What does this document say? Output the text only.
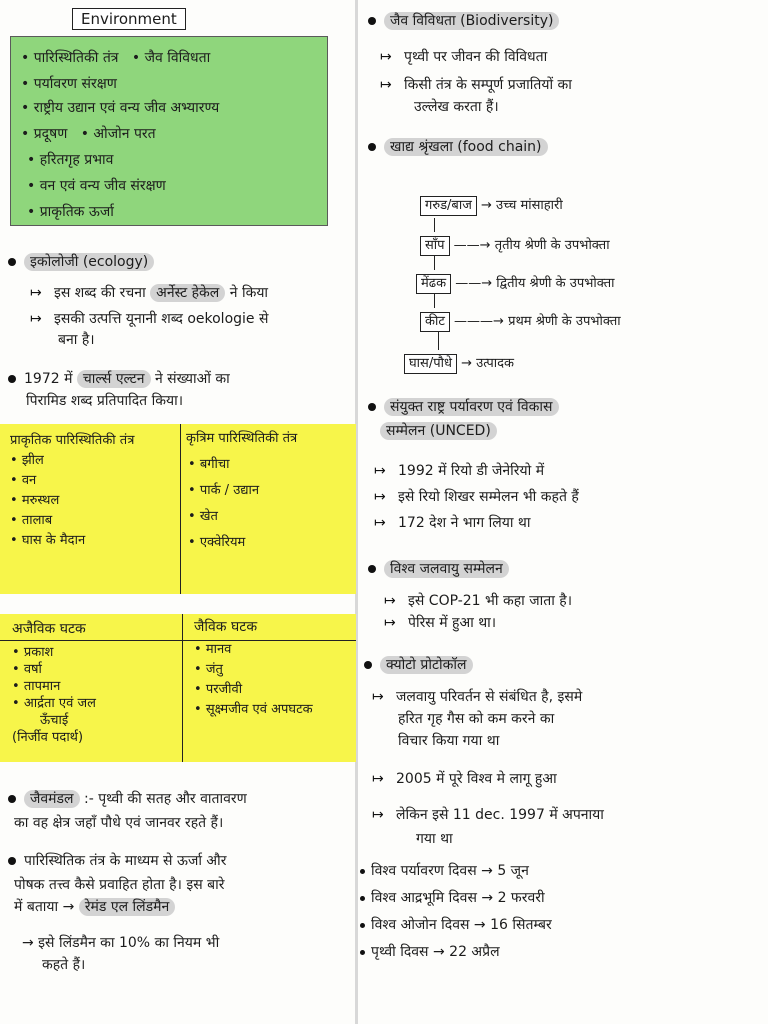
Environment
• पारिस्थितिकी तंत्र   • जैव विविधता
• पर्यावरण संरक्षण
• राष्ट्रीय उद्यान एवं वन्य जीव अभ्यारण्य
• प्रदूषण   • ओजोन परत
• हरितगृह प्रभाव
• वन एवं वन्य जीव संरक्षण
• प्राकृतिक ऊर्जा
इकोलोजी (ecology)
↦ इस शब्द की रचना अर्नेस्ट हेकेल ने किया
↦ इसकी उत्पत्ति यूनानी शब्द oekologie से
बना है।
1972 में चार्ल्स एल्टन ने संख्याओं का
पिरामिड शब्द प्रतिपादित किया।
प्राकृतिक पारिस्थितिकी तंत्र	कृत्रिम पारिस्थितिकी तंत्र
• झील
• वन
• मरुस्थल
• तालाब
• घास के मैदान
• बगीचा
• पार्क / उद्यान
• खेत
• एक्वेरियम
अजैविक घटक	जैविक घटक
• प्रकाश
• वर्षा
• तापमान
• आर्द्रता एवं जल
ऊँचाई
(निर्जीव पदार्थ)
• मानव
• जंतु
• परजीवी
• सूक्ष्मजीव एवं अपघटक
जैवमंडल :- पृथ्वी की सतह और वातावरण
का वह क्षेत्र जहाँ पौधे एवं जानवर रहते हैं।
पारिस्थितिक तंत्र के माध्यम से ऊर्जा और
पोषक तत्त्व कैसे प्रवाहित होता है। इस बारे
में बताया → रेमंड एल लिंडमैन
→ इसे लिंडमैन का 10% का नियम भी
कहते हैं।
जैव विविधता (Biodiversity)
↦ पृथ्वी पर जीवन की विविधता
↦ किसी तंत्र के सम्पूर्ण प्रजातियों का
उल्लेख करता हैं।
खाद्य श्रृंखला (food chain)
गरुड/बाज → उच्च मांसाहारी
साँप ——→ तृतीय श्रेणी के उपभोक्ता
मेंढक ——→ द्वितीय श्रेणी के उपभोक्ता
कीट ———→ प्रथम श्रेणी के उपभोक्ता
घास/पौधे → उत्पादक
संयुक्त राष्ट्र पर्यावरण एवं विकास
सम्मेलन (UNCED)
↦ 1992 में रियो डी जेनेरियो में
↦ इसे रियो शिखर सम्मेलन भी कहते हैं
↦ 172 देश ने भाग लिया था
विश्व जलवायु सम्मेलन
↦ इसे COP-21 भी कहा जाता है।
↦ पेरिस में हुआ था।
क्योटो प्रोटोकॉल
↦ जलवायु परिवर्तन से संबंधित है, इसमे
हरित गृह गैस को कम करने का
विचार किया गया था
↦ 2005 में पूरे विश्व मे लागू हुआ
↦ लेकिन इसे 11 dec. 1997 में अपनाया
गया था
विश्व पर्यावरण दिवस → 5 जून
विश्व आद्रभूमि दिवस → 2 फरवरी
विश्व ओजोन दिवस → 16 सितम्बर
पृथ्वी दिवस → 22 अप्रैल
